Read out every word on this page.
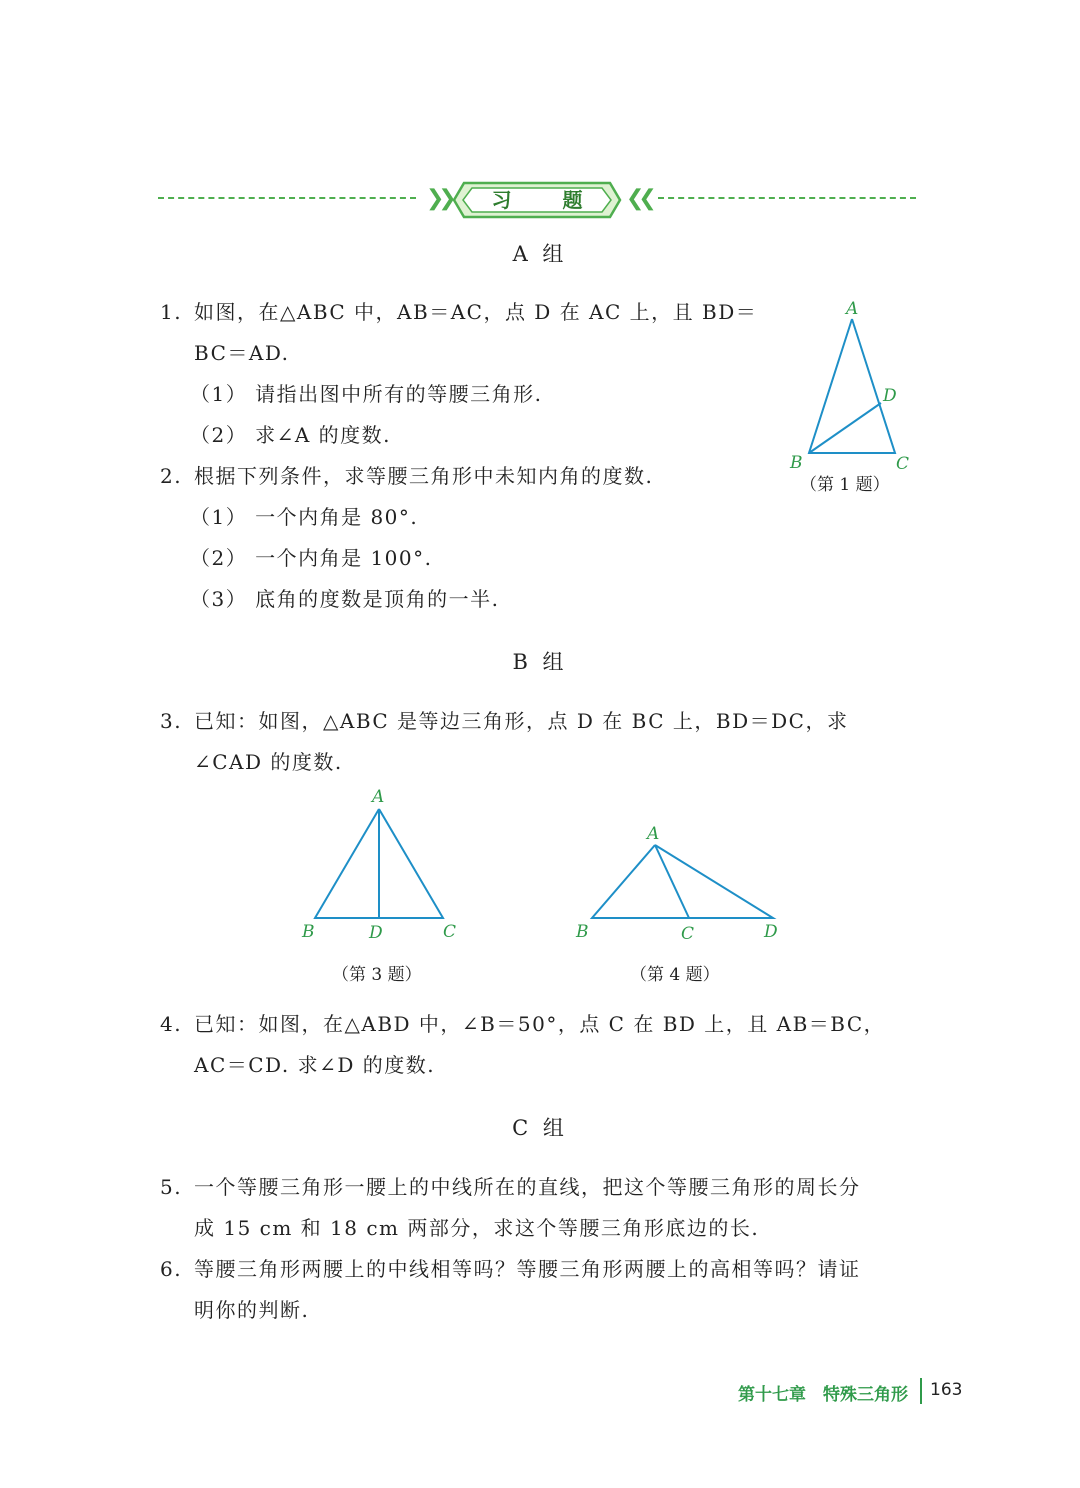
❯❯	习 题 ❮❮
A 组
1. 如图，在△ABC 中，AB＝AC，点 D 在 AC 上，且 BD＝
BC＝AD.
（1） 请指出图中所有的等腰三角形.
（2） 求∠A 的度数.
2. 根据下列条件，求等腰三角形中未知内角的度数.
（1） 一个内角是 80°.
（2） 一个内角是 100°.
（3） 底角的度数是顶角的一半.
A
B	C
D
（第 1 题）
B 组
3. 已知：如图，△ABC 是等边三角形，点 D 在 BC 上，BD＝DC，求
∠CAD 的度数.
A
B	D	C
（第 3 题）
A
B	C	D
（第 4 题）
4. 已知：如图，在△ABD 中，∠B＝50°，点 C 在 BD 上，且 AB＝BC，
AC＝CD. 求∠D 的度数.
C 组
5. 一个等腰三角形一腰上的中线所在的直线，把这个等腰三角形的周长分
成 15 cm 和 18 cm 两部分，求这个等腰三角形底边的长.
6. 等腰三角形两腰上的中线相等吗？等腰三角形两腰上的高相等吗？请证
明你的判断.
第十七章　特殊三角形 163
